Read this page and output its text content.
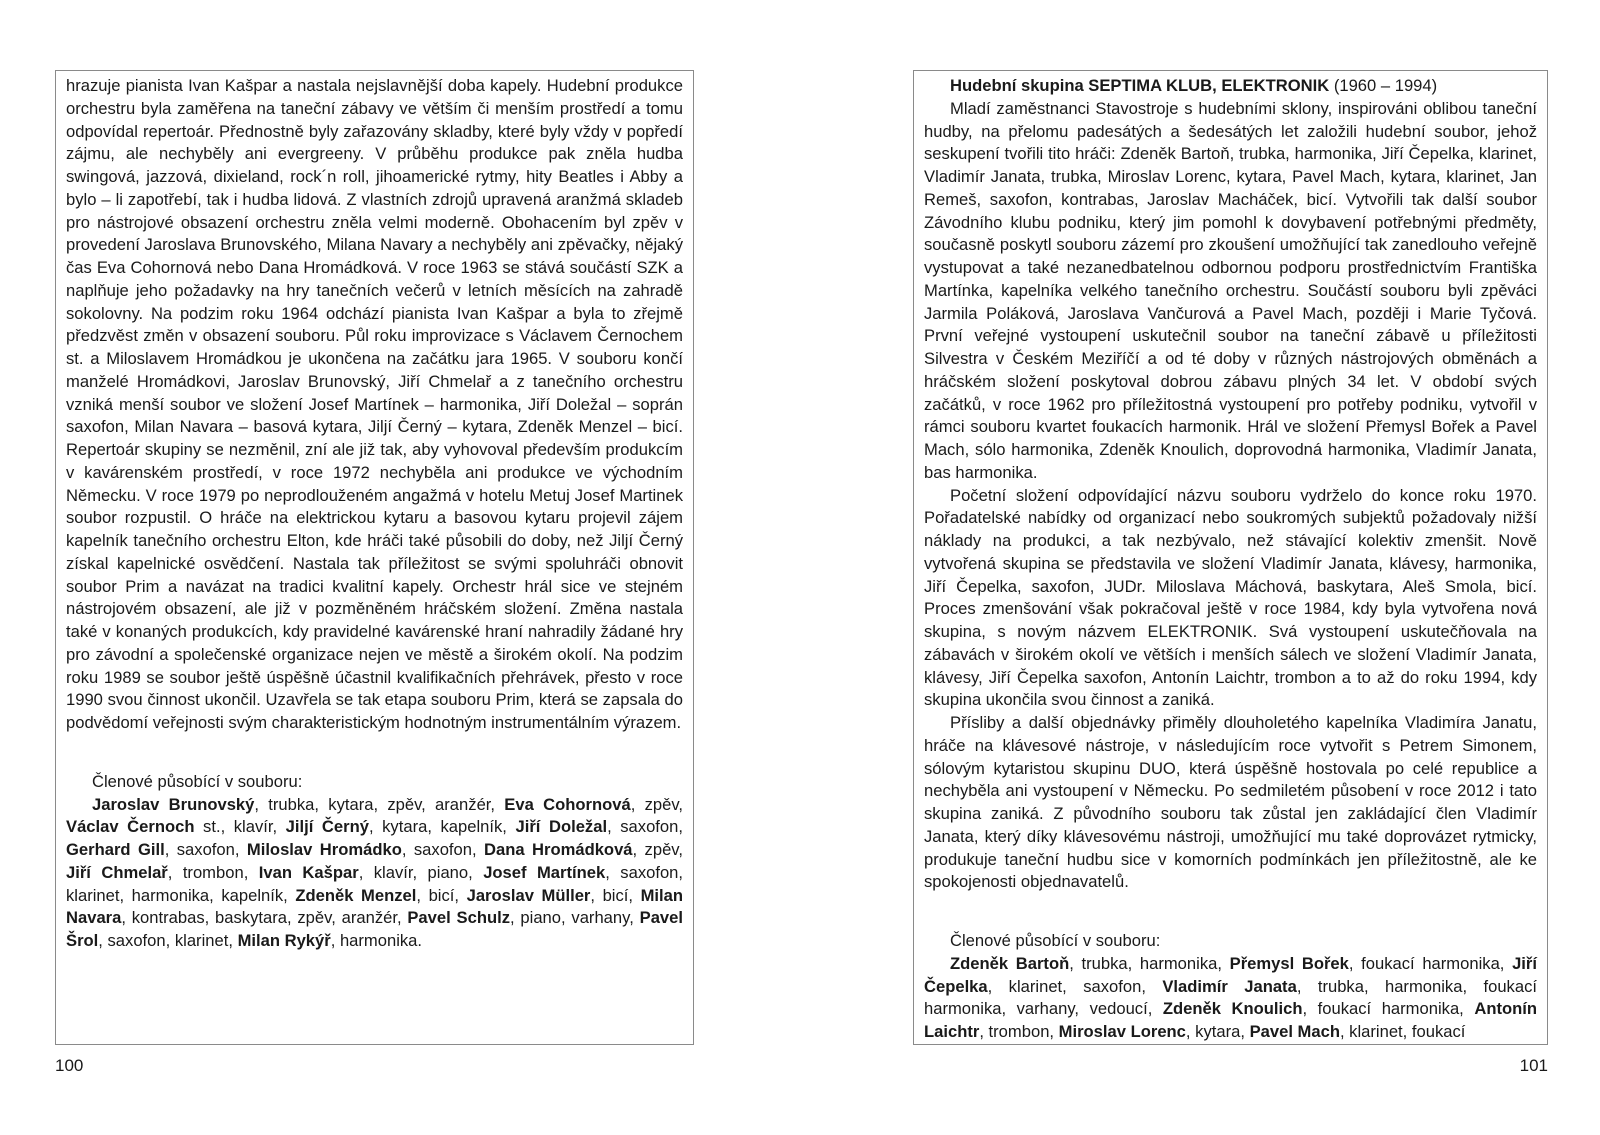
hrazuje pianista Ivan Kašpar a nastala nejslavnější doba kapely. Hudební produkce orchestru byla zaměřena na taneční zábavy ve větším či menším prostředí a tomu odpovídal repertoár. Přednostně byly zařazovány skladby, které byly vždy v popředí zájmu, ale nechyběly ani evergreeny. V průběhu produkce pak zněla hudba swingová, jazzová, dixieland, rock´n roll, jihoamerické rytmy, hity Beatles i Abby a bylo – li zapotřebí, tak i hudba lidová. Z vlastních zdrojů upravená aranžmá skladeb pro nástrojové obsazení orchestru zněla velmi moderně. Obohacením byl zpěv v provedení Jaroslava Brunovského, Milana Navary a nechyběly ani zpěvačky, nějaký čas Eva Cohornová nebo Dana Hromádková. V roce 1963 se stává součástí SZK a naplňuje jeho požadavky na hry tanečních večerů v letních měsících na zahradě sokolovny. Na podzim roku 1964 odchází pianista Ivan Kašpar a byla to zřejmě předzvěst změn v obsazení souboru. Půl roku improvizace s Václavem Černochem st. a Miloslavem Hromádkou je ukončena na začátku jara 1965. V souboru končí manželé Hromádkovi, Jaroslav Brunovský, Jiří Chmelař a z tanečního orchestru vzniká menší soubor ve složení Josef Martínek – harmonika, Jiří Doležal – soprán saxofon, Milan Navara – basová kytara, Jiljí Černý – kytara, Zdeněk Menzel – bicí. Repertoár skupiny se nezměnil, zní ale již tak, aby vyhovoval především produkcím v kavárenském prostředí, v roce 1972 nechyběla ani produkce ve východním Německu. V roce 1979 po neprodlouženém angažmá v hotelu Metuj Josef Martinek soubor rozpustil. O hráče na elektrickou kytaru a basovou kytaru projevil zájem kapelník tanečního orchestru Elton, kde hráči také působili do doby, než Jiljí Černý získal kapelnické osvědčení. Nastala tak příležitost se svými spoluhráči obnovit soubor Prim a navázat na tradici kvalitní kapely. Orchestr hrál sice ve stejném nástrojovém obsazení, ale již v pozměněném hráčském složení. Změna nastala také v konaných produkcích, kdy pravidelné kavárenské hraní nahradily žádané hry pro závodní a společenské organizace nejen ve městě a širokém okolí. Na podzim roku 1989 se soubor ještě úspěšně účastnil kvalifikačních přehrávek, přesto v roce 1990 svou činnost ukončil. Uzavřela se tak etapa souboru Prim, která se zapsala do podvědomí veřejnosti svým charakteristickým hodnotným instrumentálním výrazem.

Členové působící v souboru:

Jaroslav Brunovský, trubka, kytara, zpěv, aranžér, Eva Cohornová, zpěv, Václav Černoch st., klavír, Jiljí Černý, kytara, kapelník, Jiří Doležal, saxofon, Gerhard Gill, saxofon, Miloslav Hromádko, saxofon, Dana Hromádková, zpěv, Jiří Chmelař, trombon, Ivan Kašpar, klavír, piano, Josef Martínek, saxofon, klarinet, harmonika, kapelník, Zdeněk Menzel, bicí, Jaroslav Müller, bicí, Milan Navara, kontrabas, baskytara, zpěv, aranžér, Pavel Schulz, piano, varhany, Pavel Šrol, saxofon, klarinet, Milan Rykýř, harmonika.

100

Hudební skupina SEPTIMA KLUB, ELEKTRONIK (1960 – 1994)

Mladí zaměstnanci Stavostroje s hudebními sklony, inspirováni oblibou taneční hudby, na přelomu padesátých a šedesátých let založili hudební soubor, jehož seskupení tvořili tito hráči: Zdeněk Bartoň, trubka, harmonika, Jiří Čepelka, klarinet, Vladimír Janata, trubka, Miroslav Lorenc, kytara, Pavel Mach, kytara, klarinet, Jan Remeš, saxofon, kontrabas, Jaroslav Macháček, bicí. Vytvořili tak další soubor Závodního klubu podniku, který jim pomohl k dovybavení potřebnými předměty, současně poskytl souboru zázemí pro zkoušení umožňující tak zanedlouho veřejně vystupovat a také nezanedbatelnou odbornou podporu prostřednictvím Františka Martínka, kapelníka velkého tanečního orchestru. Součástí souboru byli zpěváci Jarmila Poláková, Jaroslava Vančurová a Pavel Mach, později i Marie Tyčová. První veřejné vystoupení uskutečnil soubor na taneční zábavě u příležitosti Silvestra v Českém Meziříčí a od té doby v různých nástrojových obměnách a hráčském složení poskytoval dobrou zábavu plných 34 let. V období svých začátků, v roce 1962 pro příležitostná vystoupení pro potřeby podniku, vytvořil v rámci souboru kvartet foukacích harmonik. Hrál ve složení Přemysl Bořek a Pavel Mach, sólo harmonika, Zdeněk Knoulich, doprovodná harmonika, Vladimír Janata, bas harmonika.

Početní složení odpovídající názvu souboru vydrželo do konce roku 1970. Pořadatelské nabídky od organizací nebo soukromých subjektů požadovaly nižší náklady na produkci, a tak nezbývalo, než stávající kolektiv zmenšit. Nově vytvořená skupina se představila ve složení Vladimír Janata, klávesy, harmonika, Jiří Čepelka, saxofon, JUDr. Miloslava Máchová, baskytara, Aleš Smola, bicí. Proces zmenšování však pokračoval ještě v roce 1984, kdy byla vytvořena nová skupina, s novým názvem ELEKTRONIK. Svá vystoupení uskutečňovala na zábavách v širokém okolí ve větších i menších sálech ve složení Vladimír Janata, klávesy, Jiří Čepelka saxofon, Antonín Laichtr, trombon a to až do roku 1994, kdy skupina ukončila svou činnost a zaniká.

Přísliby a další objednávky přiměly dlouholetého kapelníka Vladimíra Janatu, hráče na klávesové nástroje, v následujícím roce vytvořit s Petrem Simonem, sólovým kytaristou skupinu DUO, která úspěšně hostovala po celé republice a nechyběla ani vystoupení v Německu. Po sedmiletém působení v roce 2012 i tato skupina zaniká. Z původního souboru tak zůstal jen zakládající člen Vladimír Janata, který díky klávesovému nástroji, umožňující mu také doprovázet rytmicky, produkuje taneční hudbu sice v komorních podmínkách jen příležitostně, ale ke spokojenosti objednavatelů.

Členové působící v souboru:

Zdeněk Bartoň, trubka, harmonika, Přemysl Bořek, foukací harmonika, Jiří Čepelka, klarinet, saxofon, Vladimír Janata, trubka, harmonika, foukací harmonika, varhany, vedoucí, Zdeněk Knoulich, foukací harmonika, Antonín Laichtr, trombon, Miroslav Lorenc, kytara, Pavel Mach, klarinet, foukací

101
